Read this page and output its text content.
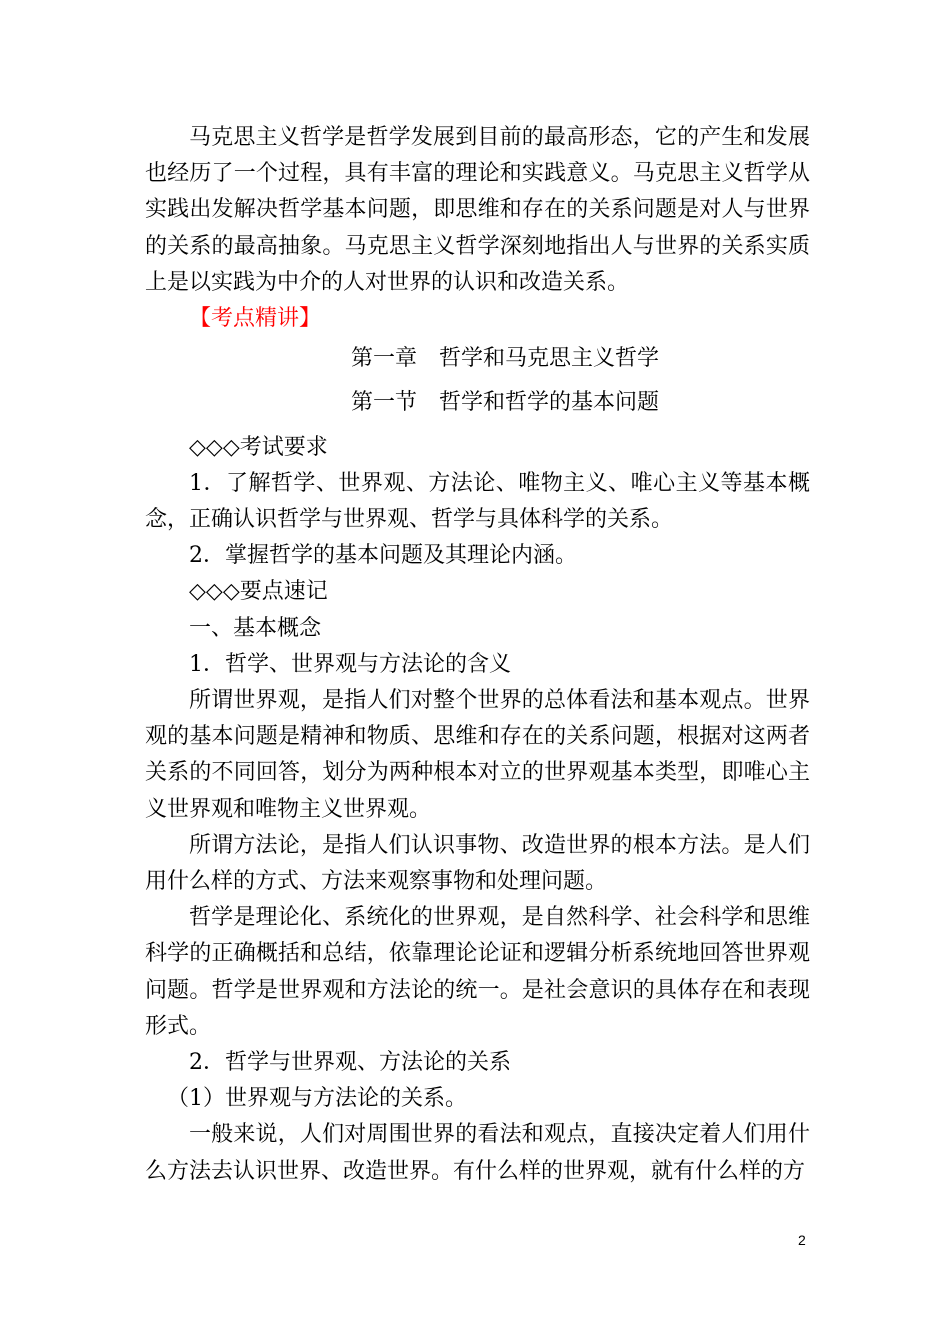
马克思主义哲学是哲学发展到目前的最高形态，它的产生和发展也经历了一个过程，具有丰富的理论和实践意义。马克思主义哲学从实践出发解决哲学基本问题，即思维和存在的关系问题是对人与世界的关系的最高抽象。马克思主义哲学深刻地指出人与世界的关系实质上是以实践为中介的人对世界的认识和改造关系。

【考点精讲】

第一章　哲学和马克思主义哲学

第一节　哲学和哲学的基本问题

◇◇◇考试要求

1．了解哲学、世界观、方法论、唯物主义、唯心主义等基本概念，正确认识哲学与世界观、哲学与具体科学的关系。

2．掌握哲学的基本问题及其理论内涵。

◇◇◇要点速记

一、基本概念

1．哲学、世界观与方法论的含义

所谓世界观，是指人们对整个世界的总体看法和基本观点。世界观的基本问题是精神和物质、思维和存在的关系问题，根据对这两者关系的不同回答，划分为两种根本对立的世界观基本类型，即唯心主义世界观和唯物主义世界观。

所谓方法论，是指人们认识事物、改造世界的根本方法。是人们用什么样的方式、方法来观察事物和处理问题。

哲学是理论化、系统化的世界观，是自然科学、社会科学和思维科学的正确概括和总结，依靠理论论证和逻辑分析系统地回答世界观问题。哲学是世界观和方法论的统一。是社会意识的具体存在和表现形式。

2．哲学与世界观、方法论的关系

（1）世界观与方法论的关系。

一般来说，人们对周围世界的看法和观点，直接决定着人们用什么方法去认识世界、改造世界。有什么样的世界观，就有什么样的方

2
